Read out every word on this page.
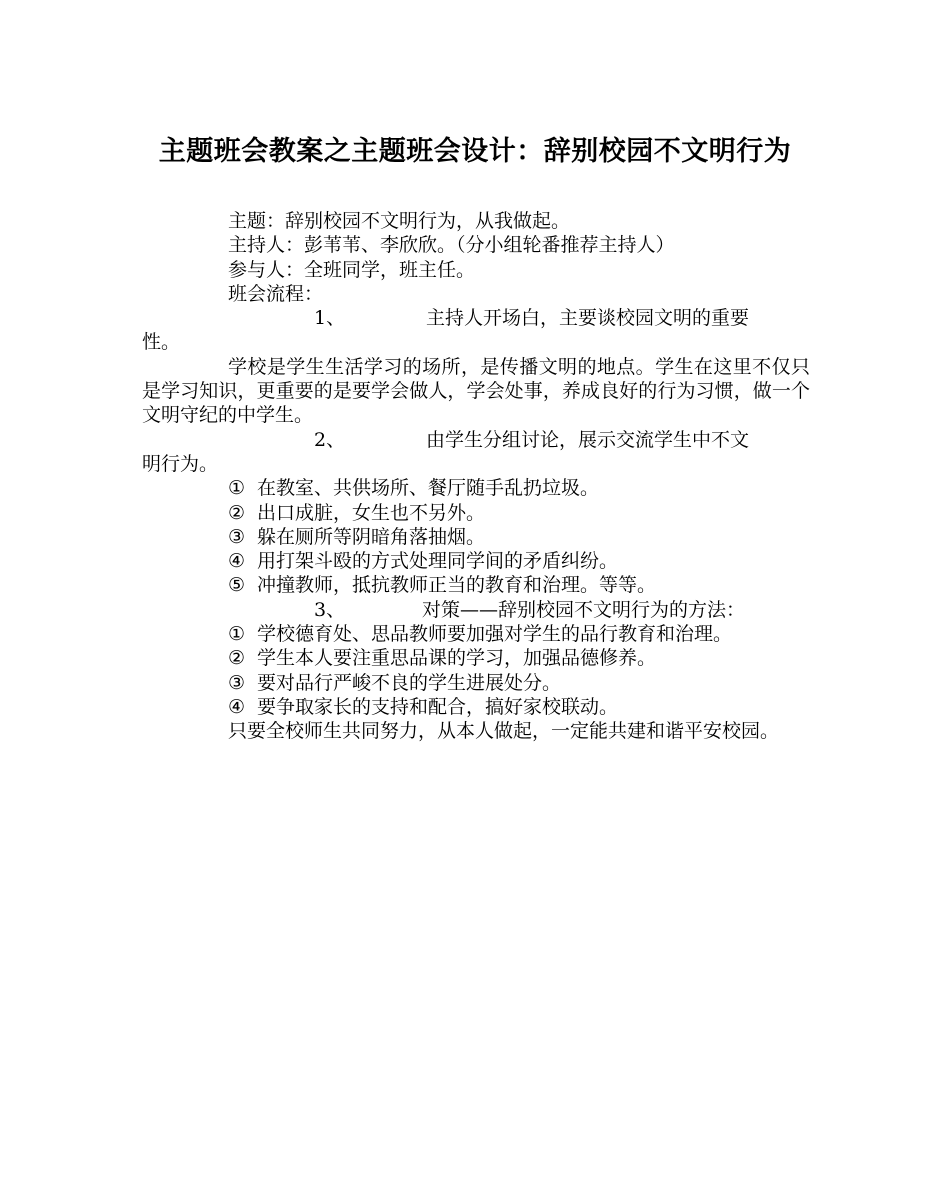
主题班会教案之主题班会设计：辞别校园不文明行为

主题：辞别校园不文明行为，从我做起。

主持人：彭苇苇、李欣欣。（分小组轮番推荐主持人）

参与人：全班同学，班主任。

班会流程：

1、	主持人开场白，主要谈校园文明的重要
性。

学校是学生生活学习的场所，是传播文明的地点。学生在这里不仅只是学习知识，更重要的是要学会做人，学会处事，养成良好的行为习惯，做一个文明守纪的中学生。

2、	由学生分组讨论，展示交流学生中不文
明行为。
① 在教室、共供场所、餐厅随手乱扔垃圾。
② 出口成脏，女生也不另外。
③ 躲在厕所等阴暗角落抽烟。
④ 用打架斗殴的方式处理同学间的矛盾纠纷。
⑤ 冲撞教师，抵抗教师正当的教育和治理。等等。
3、	对策——辞别校园不文明行为的方法：
① 学校德育处、思品教师要加强对学生的品行教育和治理。
② 学生本人要注重思品课的学习，加强品德修养。
③ 要对品行严峻不良的学生进展处分。
④ 要争取家长的支持和配合，搞好家校联动。

只要全校师生共同努力，从本人做起，一定能共建和谐平安校园。
